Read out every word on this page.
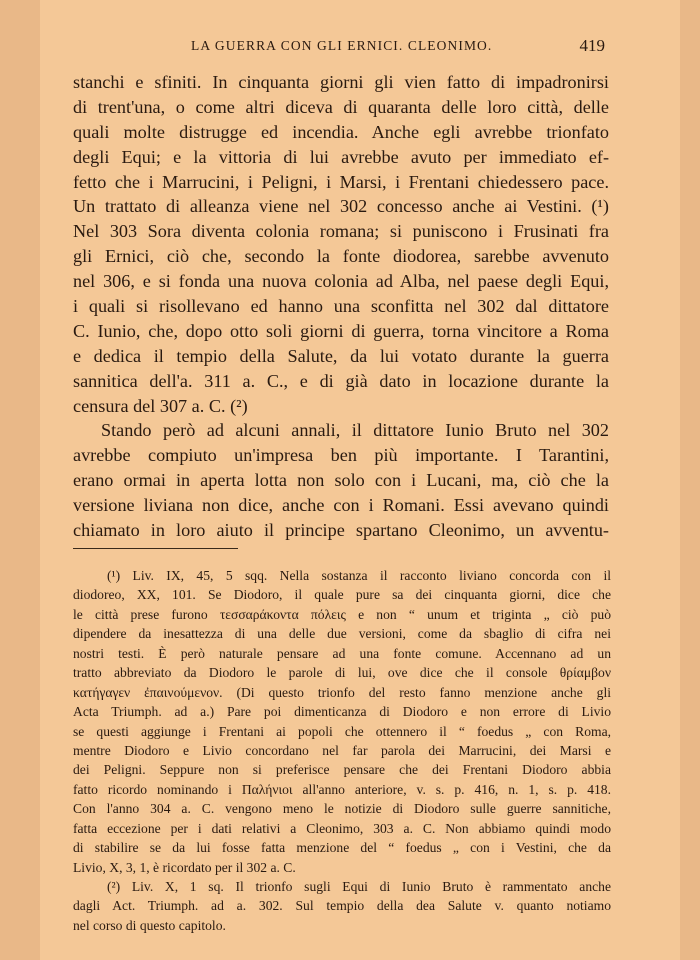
LA GUERRA CON GLI ERNICI. CLEONIMO.	419
stanchi e sfiniti. In cinquanta giorni gli vien fatto di impadronirsi
di trent'una, o come altri diceva di quaranta delle loro città, delle
quali molte distrugge ed incendia. Anche egli avrebbe trionfato
degli Equi; e la vittoria di lui avrebbe avuto per immediato ef-
fetto che i Marrucini, i Peligni, i Marsi, i Frentani chiedessero pace.
Un trattato di alleanza viene nel 302 concesso anche ai Vestini. (¹)
Nel 303 Sora diventa colonia romana; si puniscono i Frusinati fra
gli Ernici, ciò che, secondo la fonte diodorea, sarebbe avvenuto
nel 306, e si fonda una nuova colonia ad Alba, nel paese degli Equi,
i quali si risollevano ed hanno una sconfitta nel 302 dal dittatore
C. Iunio, che, dopo otto soli giorni di guerra, torna vincitore a Roma
e dedica il tempio della Salute, da lui votato durante la guerra
sannitica dell'a. 311 a. C., e di già dato in locazione durante la
censura del 307 a. C. (²)
Stando però ad alcuni annali, il dittatore Iunio Bruto nel 302
avrebbe compiuto un'impresa ben più importante. I Tarantini,
erano ormai in aperta lotta non solo con i Lucani, ma, ciò che la
versione liviana non dice, anche con i Romani. Essi avevano quindi
chiamato in loro aiuto il principe spartano Cleonimo, un avventu-
(¹) Liv. IX, 45, 5 sqq. Nella sostanza il racconto liviano concorda con il
diodoreo, XX, 101. Se Diodoro, il quale pure sa dei cinquanta giorni, dice che
le città prese furono τεσσαράκοντα πόλεις e non “ unum et triginta „ ciò può
dipendere da inesattezza di una delle due versioni, come da sbaglio di cifra nei
nostri testi. È però naturale pensare ad una fonte comune. Accennano ad un
tratto abbreviato da Diodoro le parole di lui, ove dice che il console θρίαμβον
κατήγαγεν ἐπαινούμενον. (Di questo trionfo del resto fanno menzione anche gli
Acta Triumph. ad a.) Pare poi dimenticanza di Diodoro e non errore di Livio
se questi aggiunge i Frentani ai popoli che ottennero il “ foedus „ con Roma,
mentre Diodoro e Livio concordano nel far parola dei Marrucini, dei Marsi e
dei Peligni. Seppure non si preferisce pensare che dei Frentani Diodoro abbia
fatto ricordo nominando i Παλήνιοι all'anno anteriore, v. s. p. 416, n. 1, s. p. 418.
Con l'anno 304 a. C. vengono meno le notizie di Diodoro sulle guerre sannitiche,
fatta eccezione per i dati relativi a Cleonimo, 303 a. C. Non abbiamo quindi modo
di stabilire se da lui fosse fatta menzione del “ foedus „ con i Vestini, che da
Livio, X, 3, 1, è ricordato per il 302 a. C.
(²) Liv. X, 1 sq. Il trionfo sugli Equi di Iunio Bruto è rammentato anche
dagli Act. Triumph. ad a. 302. Sul tempio della dea Salute v. quanto notiamo
nel corso di questo capitolo.
